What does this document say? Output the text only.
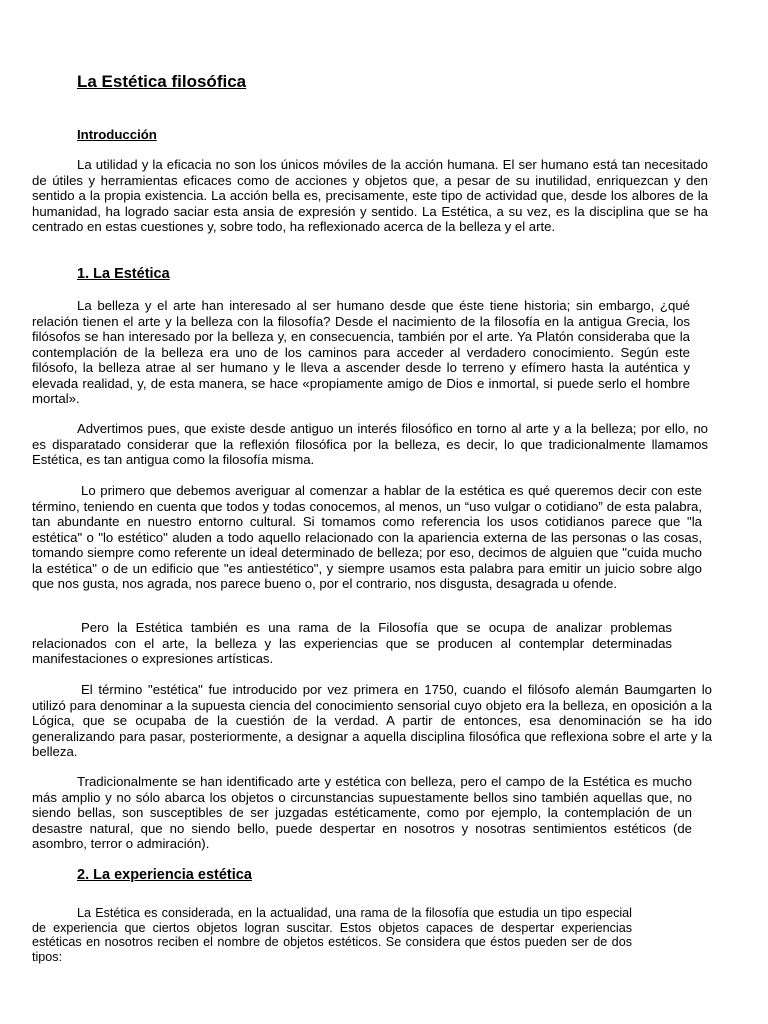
La Estética filosófica
Introducción

La utilidad y la eficacia no son los únicos móviles de la acción humana. El ser humano está tan necesitado de útiles y herramientas eficaces como de acciones y objetos que, a pesar de su inutilidad, enriquezcan y den sentido a la propia existencia. La acción bella es, precisamente, este tipo de actividad que, desde los albores de la humanidad, ha logrado saciar esta ansia de expresión y sentido. La Estética, a su vez, es la disciplina que se ha centrado en estas cuestiones y, sobre todo, ha reflexionado acerca de la belleza y el arte.

1. La Estética

La belleza y el arte han interesado al ser humano desde que éste tiene historia; sin embargo, ¿qué relación tienen el arte y la belleza con la filosofía? Desde el nacimiento de la filosofía en la antigua Grecia, los filósofos se han interesado por la belleza y, en consecuencia, también por el arte. Ya Platón consideraba que la contemplación de la belleza era uno de los caminos para acceder al verdadero conocimiento. Según este filósofo, la belleza atrae al ser humano y le lleva a ascender desde lo terreno y efímero hasta la auténtica y elevada realidad, y, de esta manera, se hace «propiamente amigo de Dios e inmortal, si puede serlo el hombre mortal».

Advertimos pues, que existe desde antiguo un interés filosófico en torno al arte y a la belleza; por ello, no es disparatado considerar que la reflexión filosófica por la belleza, es decir, lo que tradicionalmente llamamos Estética, es tan antigua como la filosofía misma.

Lo primero que debemos averiguar al comenzar a hablar de la estética es qué queremos decir con este término, teniendo en cuenta que todos y todas conocemos, al menos, un “uso vulgar o cotidiano” de esta palabra, tan abundante en nuestro entorno cultural. Si tomamos como referencia los usos cotidianos parece que "la estética" o "lo estético" aluden a todo aquello relacionado con la apariencia externa de las personas o las cosas, tomando siempre como referente un ideal determinado de belleza; por eso, decimos de alguien que "cuida mucho la estética" o de un edificio que "es antiestético", y siempre usamos esta palabra para emitir un juicio sobre algo que nos gusta, nos agrada, nos parece bueno o, por el contrario, nos disgusta, desagrada u ofende.

Pero la Estética también es una rama de la Filosofía que se ocupa de analizar problemas relacionados con el arte, la belleza y las experiencias que se producen al contemplar determinadas manifestaciones o expresiones artísticas.

El término "estética" fue introducido por vez primera en 1750, cuando el filósofo alemán Baumgarten lo utilizó para denominar a la supuesta ciencia del conocimiento sensorial cuyo objeto era la belleza, en oposición a la Lógica, que se ocupaba de la cuestión de la verdad. A partir de entonces, esa denominación se ha ido generalizando para pasar, posteriormente, a designar a aquella disciplina filosófica que reflexiona sobre el arte y la belleza.

Tradicionalmente se han identificado arte y estética con belleza, pero el campo de la Estética es mucho más amplio y no sólo abarca los objetos o circunstancias supuestamente bellos sino también aquellas que, no siendo bellas, son susceptibles de ser juzgadas estéticamente, como por ejemplo, la contemplación de un desastre natural, que no siendo bello, puede despertar en nosotros y nosotras sentimientos estéticos (de asombro, terror o admiración).

2. La experiencia estética

La Estética es considerada, en la actualidad, una rama de la filosofía que estudia un tipo especial de experiencia que ciertos objetos logran suscitar. Estos objetos capaces de despertar experiencias estéticas en nosotros reciben el nombre de objetos estéticos. Se considera que éstos pueden ser de dos tipos:
